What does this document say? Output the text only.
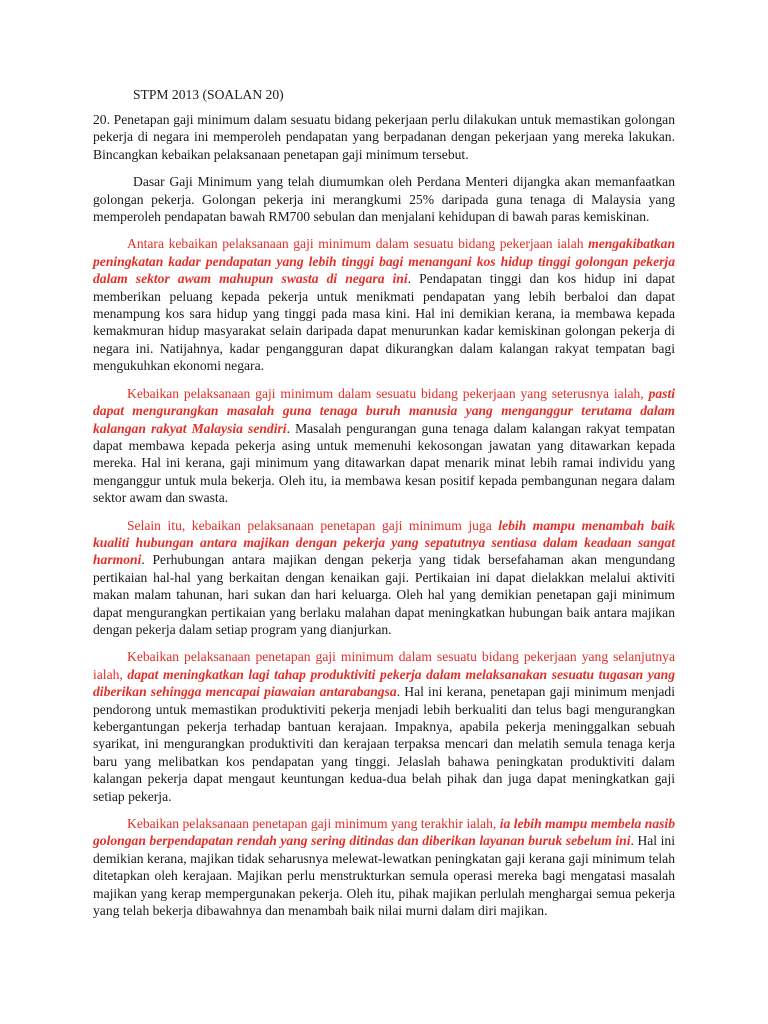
STPM 2013 (SOALAN 20)

20. Penetapan gaji minimum dalam sesuatu bidang pekerjaan perlu dilakukan untuk memastikan golongan pekerja di negara ini memperoleh pendapatan yang berpadanan dengan pekerjaan yang mereka lakukan. Bincangkan kebaikan pelaksanaan penetapan gaji minimum tersebut.

Dasar Gaji Minimum yang telah diumumkan oleh Perdana Menteri dijangka akan memanfaatkan golongan pekerja. Golongan pekerja ini merangkumi 25% daripada guna tenaga di Malaysia yang memperoleh pendapatan bawah RM700 sebulan dan menjalani kehidupan di bawah paras kemiskinan.

Antara kebaikan pelaksanaan gaji minimum dalam sesuatu bidang pekerjaan ialah mengakibatkan peningkatan kadar pendapatan yang lebih tinggi bagi menangani kos hidup tinggi golongan pekerja dalam sektor awam mahupun swasta di negara ini. Pendapatan tinggi dan kos hidup ini dapat memberikan peluang kepada pekerja untuk menikmati pendapatan yang lebih berbaloi dan dapat menampung kos sara hidup yang tinggi pada masa kini. Hal ini demikian kerana, ia membawa kepada kemakmuran hidup masyarakat selain daripada dapat menurunkan kadar kemiskinan golongan pekerja di negara ini. Natijahnya, kadar pengangguran dapat dikurangkan dalam kalangan rakyat tempatan bagi mengukuhkan ekonomi negara.

Kebaikan pelaksanaan gaji minimum dalam sesuatu bidang pekerjaan yang seterusnya ialah, pasti dapat mengurangkan masalah guna tenaga buruh manusia yang menganggur terutama dalam kalangan rakyat Malaysia sendiri. Masalah pengurangan guna tenaga dalam kalangan rakyat tempatan dapat membawa kepada pekerja asing untuk memenuhi kekosongan jawatan yang ditawarkan kepada mereka. Hal ini kerana, gaji minimum yang ditawarkan dapat menarik minat lebih ramai individu yang menganggur untuk mula bekerja. Oleh itu, ia membawa kesan positif kepada pembangunan negara dalam sektor awam dan swasta.

Selain itu, kebaikan pelaksanaan penetapan gaji minimum juga lebih mampu menambah baik kualiti hubungan antara majikan dengan pekerja yang sepatutnya sentiasa dalam keadaan sangat harmoni. Perhubungan antara majikan dengan pekerja yang tidak bersefahaman akan mengundang pertikaian hal-hal yang berkaitan dengan kenaikan gaji. Pertikaian ini dapat dielakkan melalui aktiviti makan malam tahunan, hari sukan dan hari keluarga. Oleh hal yang demikian penetapan gaji minimum dapat mengurangkan pertikaian yang berlaku malahan dapat meningkatkan hubungan baik antara majikan dengan pekerja dalam setiap program yang dianjurkan.

Kebaikan pelaksanaan penetapan gaji minimum dalam sesuatu bidang pekerjaan yang selanjutnya ialah, dapat meningkatkan lagi tahap produktiviti pekerja dalam melaksanakan sesuatu tugasan yang diberikan sehingga mencapai piawaian antarabangsa. Hal ini kerana, penetapan gaji minimum menjadi pendorong untuk memastikan produktiviti pekerja menjadi lebih berkualiti dan telus bagi mengurangkan kebergantungan pekerja terhadap bantuan kerajaan. Impaknya, apabila pekerja meninggalkan sebuah syarikat, ini mengurangkan produktiviti dan kerajaan terpaksa mencari dan melatih semula tenaga kerja baru yang melibatkan kos pendapatan yang tinggi. Jelaslah bahawa peningkatan produktiviti dalam kalangan pekerja dapat mengaut keuntungan kedua-dua belah pihak dan juga dapat meningkatkan gaji setiap pekerja.

Kebaikan pelaksanaan penetapan gaji minimum yang terakhir ialah, ia lebih mampu membela nasib golongan berpendapatan rendah yang sering ditindas dan diberikan layanan buruk sebelum ini. Hal ini demikian kerana, majikan tidak seharusnya melewat-lewatkan peningkatan gaji kerana gaji minimum telah ditetapkan oleh kerajaan. Majikan perlu menstrukturkan semula operasi mereka bagi mengatasi masalah majikan yang kerap mempergunakan pekerja. Oleh itu, pihak majikan perlulah menghargai semua pekerja yang telah bekerja dibawahnya dan menambah baik nilai murni dalam diri majikan.
